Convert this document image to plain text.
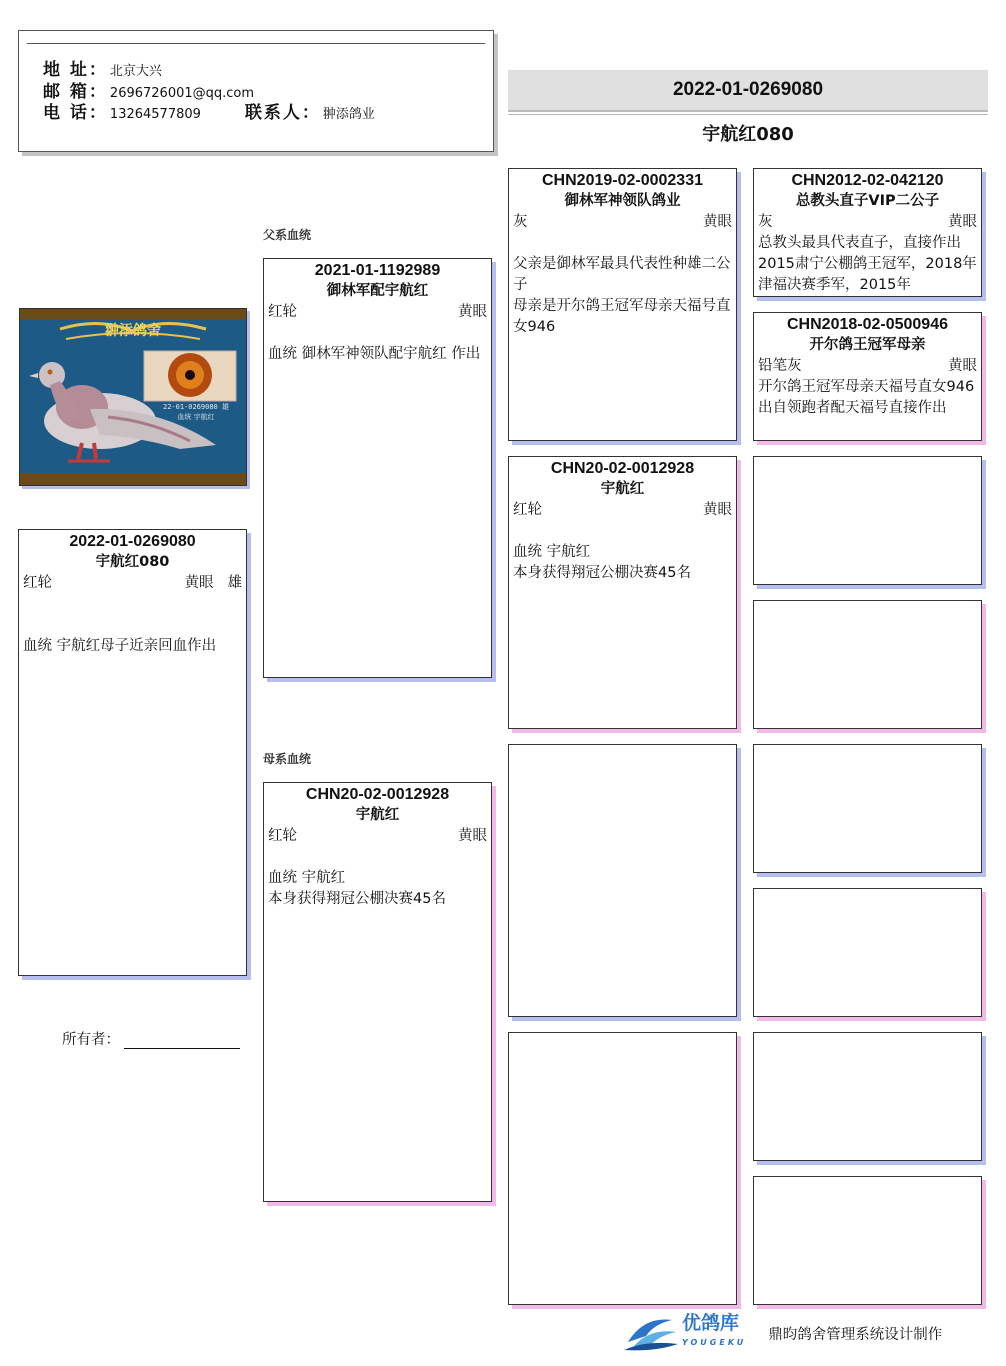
地 址： 北京大兴
邮 箱： 2696726001@qq.com
电 话： 13264577809	联系人： 翀添鸽业
2022-01-0269080
宇航红080
父系血统
母系血统
翀添鸽舍
22-01-0269080 雄
血统 宇航红
2022-01-0269080
宇航红080
红轮	黄眼 雄

血统 宇航红母子近亲回血作出

所有者：
2021-01-1192989
御林军配宇航红
红轮	黄眼

血统 御林军神领队配宇航红 作出

CHN20-02-0012928
宇航红
红轮	黄眼

血统 宇航红

本身获得翔冠公棚决赛45名

CHN2019-02-0002331
御林军神领队鸽业
灰	黄眼

父亲是御林军最具代表性种雄二公子

母亲是开尔鸽王冠军母亲天福号直女946

CHN20-02-0012928
宇航红
红轮	黄眼

血统 宇航红

本身获得翔冠公棚决赛45名

CHN2012-02-042120
总教头直子VIP二公子
灰	黄眼

总教头最具代表直子，直接作出2015肃宁公棚鸽王冠军，2018年津福决赛季军，2015年

CHN2018-02-0500946
开尔鸽王冠军母亲
铅笔灰	黄眼

开尔鸽王冠军母亲天福号直女946

出自领跑者配天福号直接作出

优鸽库
YOUGEKU 鼎昀鸽舍管理系统设计制作
